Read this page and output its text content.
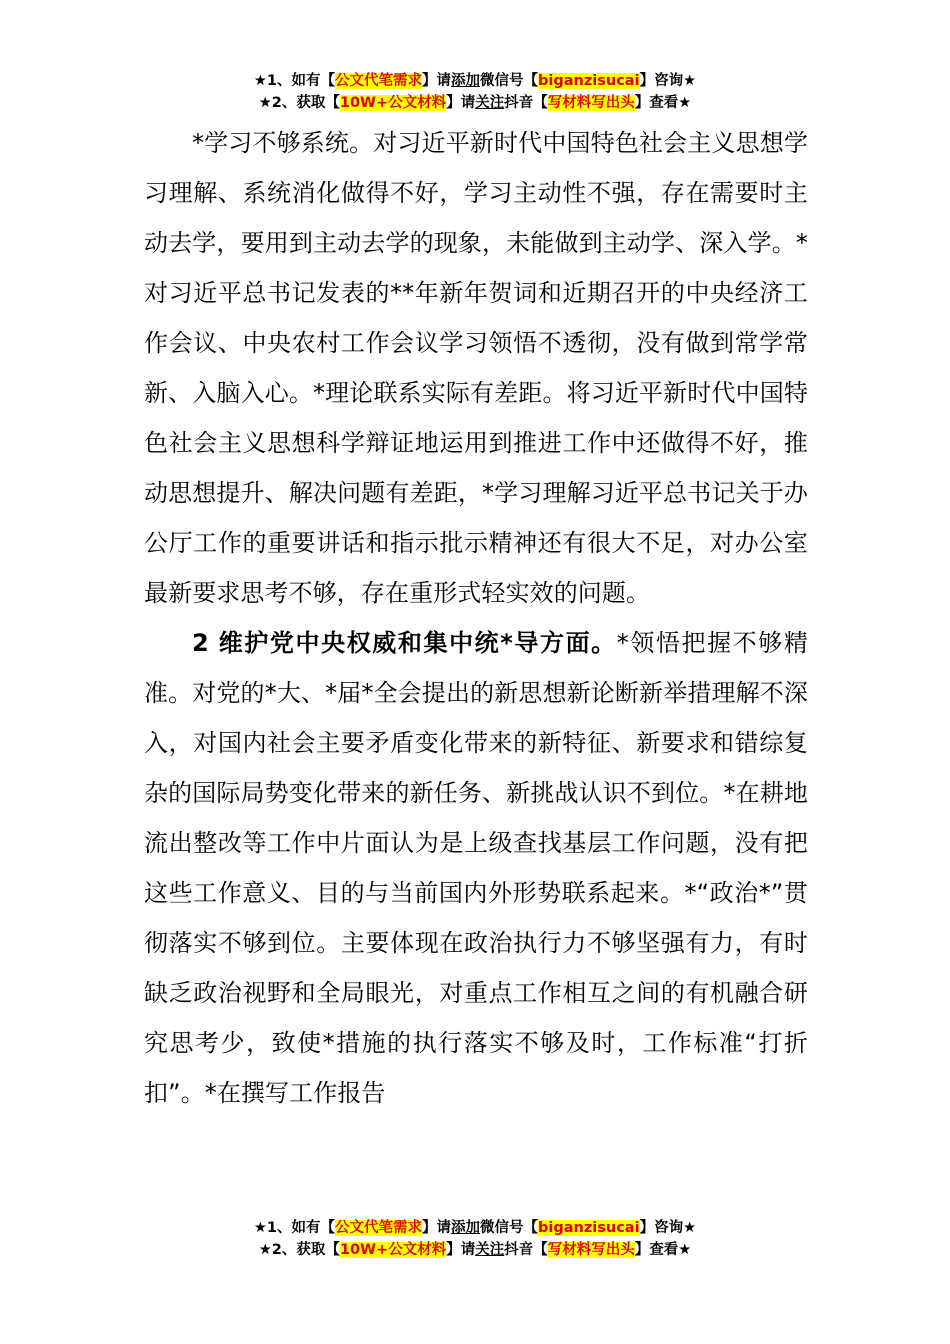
★1、如有【公文代笔需求】请添加微信号【biganzisucai】咨询★
★2、获取【10W+公文材料】请关注抖音【写材料写出头】查看★

*学习不够系统。对习近平新时代中国特色社会主义思想学习理解、系统消化做得不好，学习主动性不强，存在需要时主动去学，要用到主动去学的现象，未能做到主动学、深入学。*对习近平总书记发表的**年新年贺词和近期召开的中央经济工作会议、中央农村工作会议学习领悟不透彻，没有做到常学常新、入脑入心。*理论联系实际有差距。将习近平新时代中国特色社会主义思想科学辩证地运用到推进工作中还做得不好，推动思想提升、解决问题有差距，*学习理解习近平总书记关于办公厅工作的重要讲话和指示批示精神还有很大不足，对办公室最新要求思考不够，存在重形式轻实效的问题。

2 维护党中央权威和集中统*导方面。*领悟把握不够精准。对党的*大、*届*全会提出的新思想新论断新举措理解不深入，对国内社会主要矛盾变化带来的新特征、新要求和错综复杂的国际局势变化带来的新任务、新挑战认识不到位。*在耕地流出整改等工作中片面认为是上级查找基层工作问题，没有把这些工作意义、目的与当前国内外形势联系起来。*“政治*”贯彻落实不够到位。主要体现在政治执行力不够坚强有力，有时缺乏政治视野和全局眼光，对重点工作相互之间的有机融合研究思考少，致使*措施的执行落实不够及时，工作标准“打折扣”。*在撰写工作报告

★1、如有【公文代笔需求】请添加微信号【biganzisucai】咨询★
★2、获取【10W+公文材料】请关注抖音【写材料写出头】查看★
